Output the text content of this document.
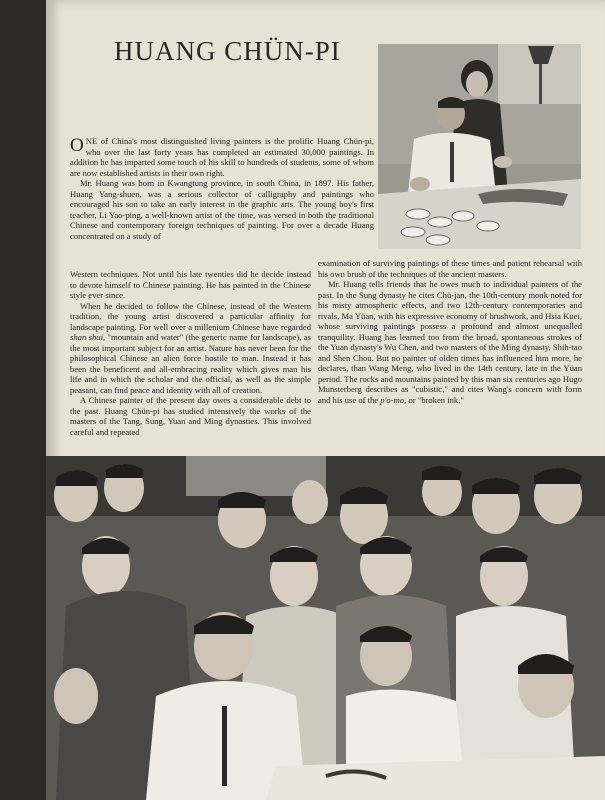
HUANG CHÜN-PI

ONE of China's most distinguished living painters is the prolific Huang Chün-pi, who over the last forty years has completed an estimated 30,000 paintings. In addition he has imparted some touch of his skill to hundreds of students, some of whom are now established artists in their own right.

Mr. Huang was born in Kwangtung province, in south China, in 1897. His father, Huang Yang-shuen, was a serious collector of calligraphy and paintings who encouraged his son to take an early interest in the graphic arts. The young boy's first teacher, Li Yao-ping, a well-known artist of the time, was versed in both the traditional Chinese and contemporary foreign techniques of painting. For over a decade Huang concentrated on a study of

Western techniques. Not until his late twenties did he decide instead to devote himself to Chinese painting. He has painted in the Chinese style ever since.

When he decided to follow the Chinese, instead of the Western tradition, the young artist discovered a particular affinity for landscape painting. For well over a millenium Chinese have regarded shan shui, "mountain and water" (the generic name for landscape), as the most important subject for an artist. Nature has never been for the philosophical Chinese an alien force hostile to man. Instead it has been the beneficent and all-embracing reality which gives man his life and in which the scholar and the official, as well as the simple peasant, can find peace and identity with all of creation.

A Chinese painter of the present day owes a considerable debt to the past. Huang Chün-pi has studied intensively the works of the masters of the Tang, Sung, Yuan and Ming dynasties. This involved careful and repeated

examination of surviving paintings of these times and patient rehearsal with his own brush of the techniques of the ancient masters.

Mr. Huang tells friends that he owes much to individual painters of the past. In the Sung dynasty he cites Chü-jan, the 10th-century monk noted for his misty atmospheric effects, and two 12th-century contemporaries and rivals, Ma Yüan, with his expressive economy of brushwork, and Hsia Kuei, whose surviving paintings possess a profound and almost unequalled tranquility. Huang has learned too from the broad, spontaneous strokes of the Yuan dynasty's Wu Chen, and two masters of the Ming dynasty, Shih-tao and Shen Chou. But no painter of olden times has influenced him more, he declares, than Wang Meng, who lived in the 14th century, late in the Yüan period. The rocks and mountains painted by this man six centuries ago Hugo Munsterberg describes as "cubistic," and cites Wang's concern with form and his use of the p'o-mo, or "broken ink,"
